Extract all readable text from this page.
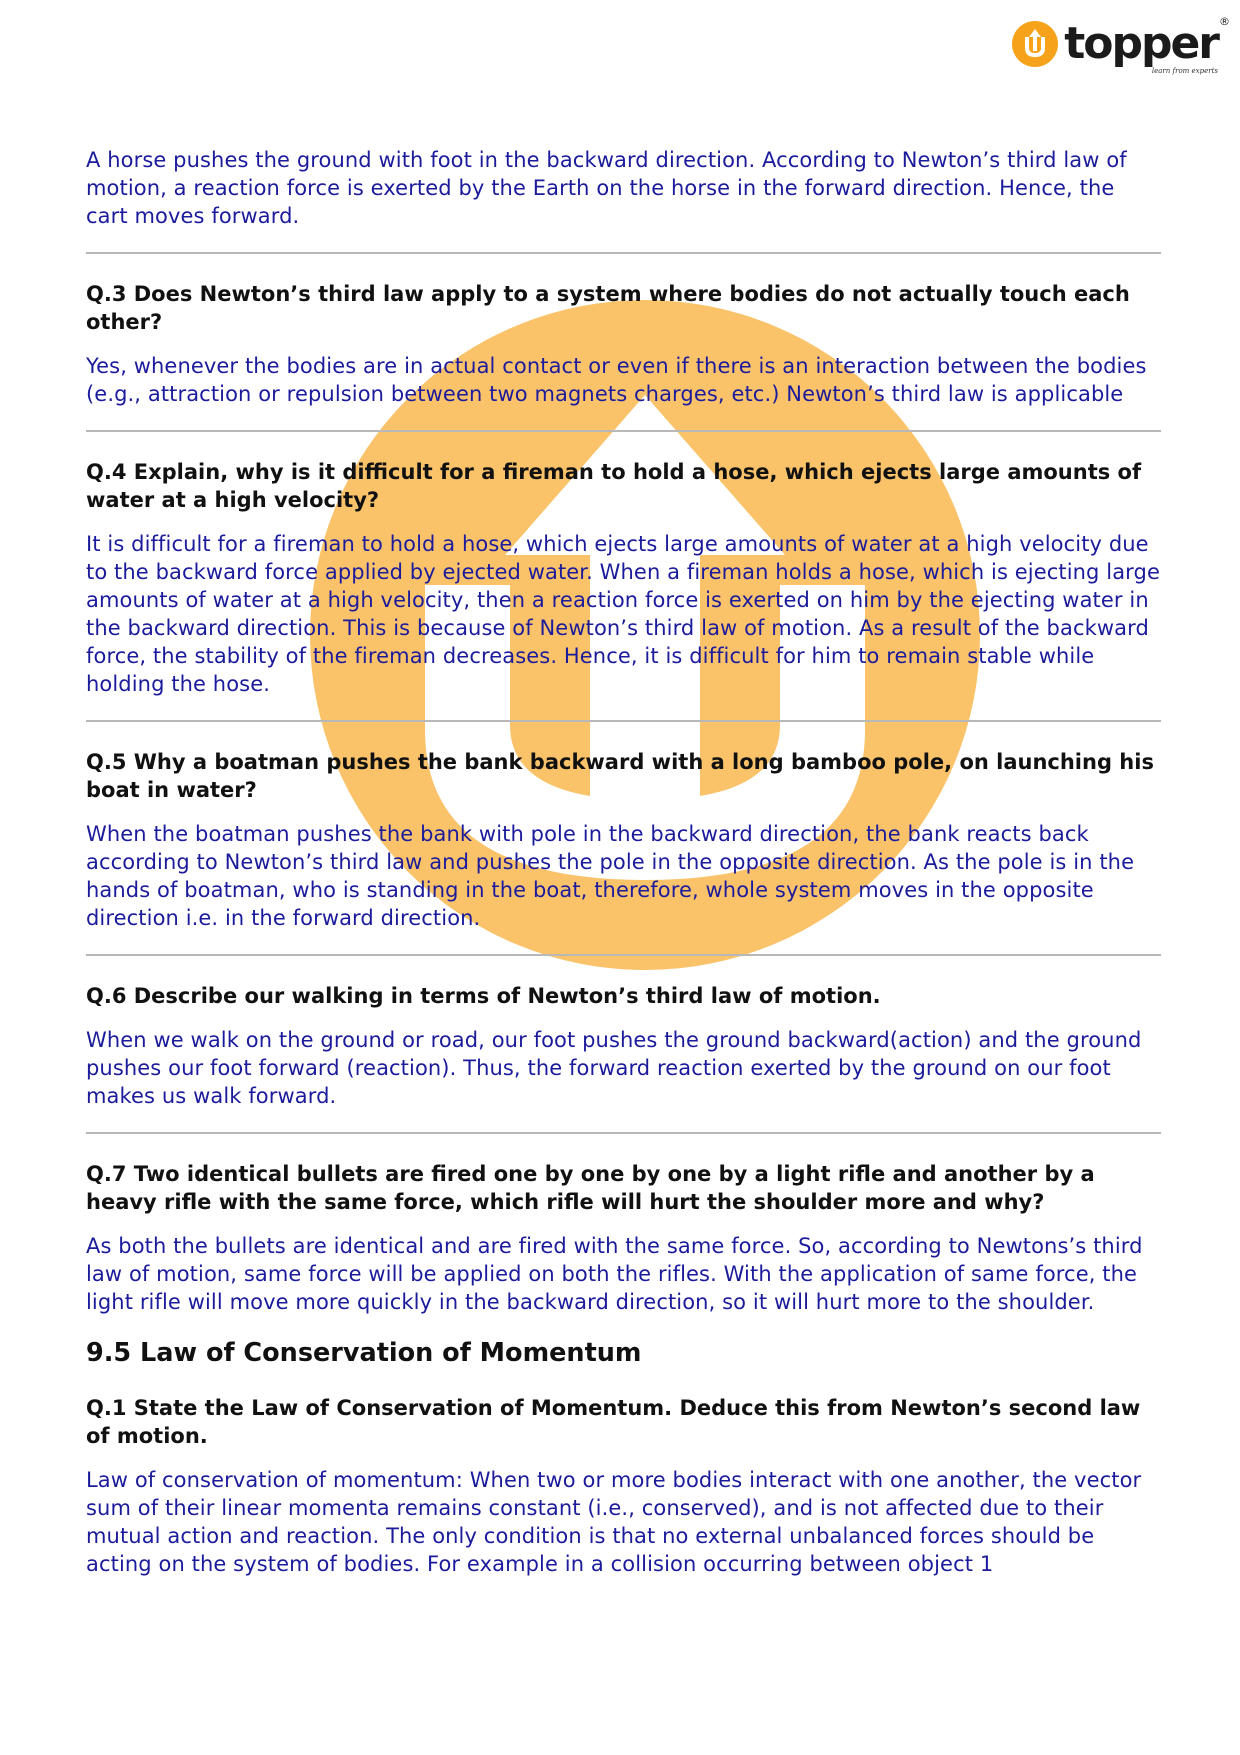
topper ®
learn from experts

A horse pushes the ground with foot in the backward direction. According to Newton’s third law of motion, a reaction force is exerted by the Earth on the horse in the forward direction. Hence, the cart moves forward.

Q.3 Does Newton’s third law apply to a system where bodies do not actually touch each other?

Yes, whenever the bodies are in actual contact or even if there is an interaction between the bodies (e.g., attraction or repulsion between two magnets charges, etc.) Newton’s third law is applicable

Q.4 Explain, why is it difficult for a fireman to hold a hose, which ejects large amounts of water at a high velocity?

It is difficult for a fireman to hold a hose, which ejects large amounts of water at a high velocity due to the backward force applied by ejected water. When a fireman holds a hose, which is ejecting large amounts of water at a high velocity, then a reaction force is exerted on him by the ejecting water in the backward direction. This is because of Newton’s third law of motion. As a result of the backward force, the stability of the fireman decreases. Hence, it is difficult for him to remain stable while holding the hose.

Q.5 Why a boatman pushes the bank backward with a long bamboo pole, on launching his boat in water?

When the boatman pushes the bank with pole in the backward direction, the bank reacts back according to Newton’s third law and pushes the pole in the opposite direction. As the pole is in the hands of boatman, who is standing in the boat, therefore, whole system moves in the opposite direction i.e. in the forward direction.

Q.6 Describe our walking in terms of Newton’s third law of motion.

When we walk on the ground or road, our foot pushes the ground backward(action) and the ground pushes our foot forward (reaction). Thus, the forward reaction exerted by the ground on our foot makes us walk forward.

Q.7 Two identical bullets are fired one by one by one by a light rifle and another by a heavy rifle with the same force, which rifle will hurt the shoulder more and why?

As both the bullets are identical and are fired with the same force. So, according to Newtons’s third law of motion, same force will be applied on both the rifles. With the application of same force, the light rifle will move more quickly in the backward direction, so it will hurt more to the shoulder.

9.5 Law of Conservation of Momentum

Q.1 State the Law of Conservation of Momentum. Deduce this from Newton’s second law of motion.

Law of conservation of momentum: When two or more bodies interact with one another, the vector sum of their linear momenta remains constant (i.e., conserved), and is not affected due to their mutual action and reaction. The only condition is that no external unbalanced forces should be acting on the system of bodies. For example in a collision occurring between object 1
